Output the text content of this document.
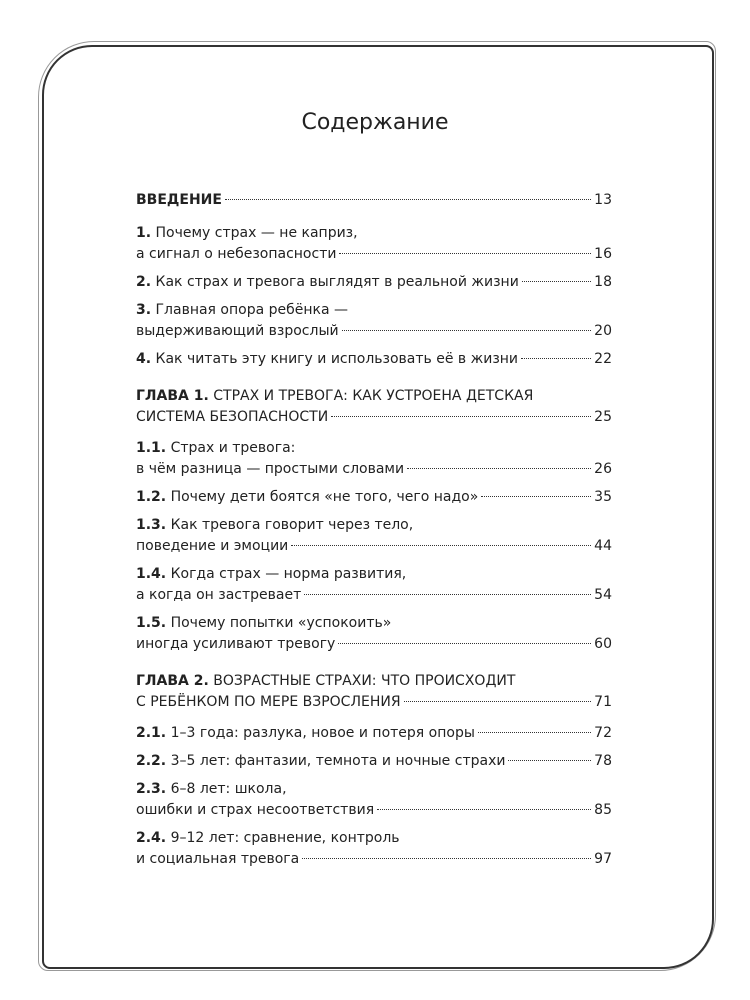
Содержание
ВВЕДЕНИЕ	13
1. Почему страх — не каприз,
а сигнал о небезопасности	16
2. Как страх и тревога выглядят в реальной жизни	18
3. Главная опора ребёнка —
выдерживающий взрослый	20
4. Как читать эту книгу и использовать её в жизни	22
ГЛАВА 1. СТРАХ И ТРЕВОГА: КАК УСТРОЕНА ДЕТСКАЯ
СИСТЕМА БЕЗОПАСНОСТИ	25
1.1. Страх и тревога:
в чём разница — простыми словами	26
1.2. Почему дети боятся «не того, чего надо»	35
1.3. Как тревога говорит через тело,
поведение и эмоции	44
1.4. Когда страх — норма развития,
а когда он застревает	54
1.5. Почему попытки «успокоить»
иногда усиливают тревогу	60
ГЛАВА 2. ВОЗРАСТНЫЕ СТРАХИ: ЧТО ПРОИСХОДИТ
С РЕБЁНКОМ ПО МЕРЕ ВЗРОСЛЕНИЯ	71
2.1. 1–3 года: разлука, новое и потеря опоры	72
2.2. 3–5 лет: фантазии, темнота и ночные страхи	78
2.3. 6–8 лет: школа,
ошибки и страх несоответствия	85
2.4. 9–12 лет: сравнение, контроль
и социальная тревога	97
